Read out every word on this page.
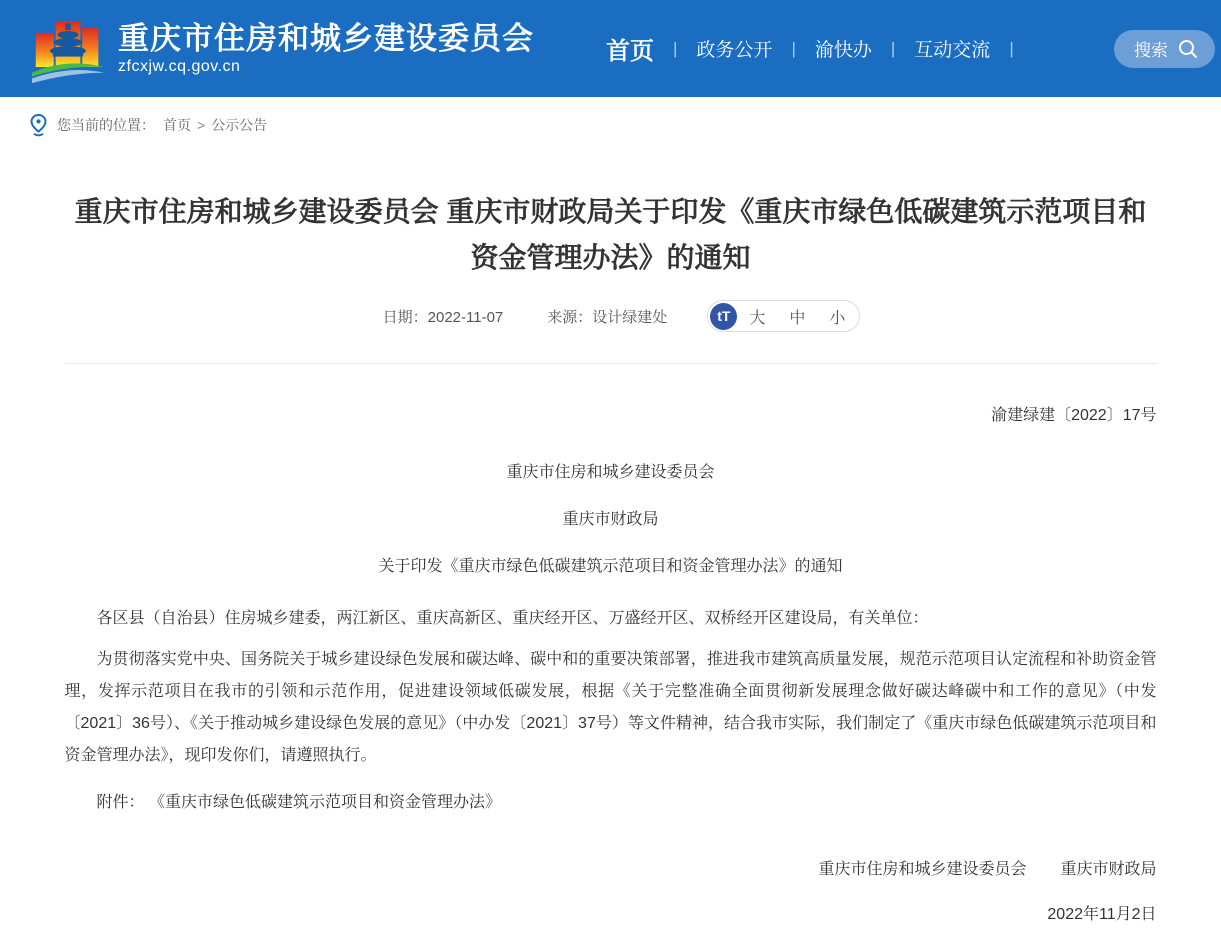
重庆市住房和城乡建设委员会
zfcxjw.cq.gov.cn
首页 | 政务公开 | 渝快办 | 互动交流 |	搜索
您当前的位置： 首页 > 公示公告
重庆市住房和城乡建设委员会 重庆市财政局关于印发《重庆市绿色低碳建筑示范项目和资金管理办法》的通知
日期：2022-11-07	来源：设计绿建处	tT	大 中 小

渝建绿建〔2022〕17号

重庆市住房和城乡建设委员会

重庆市财政局

关于印发《重庆市绿色低碳建筑示范项目和资金管理办法》的通知

各区县（自治县）住房城乡建委，两江新区、重庆高新区、重庆经开区、万盛经开区、双桥经开区建设局，有关单位：

为贯彻落实党中央、国务院关于城乡建设绿色发展和碳达峰、碳中和的重要决策部署，推进我市建筑高质量发展，规范示范项目认定流程和补助资金管理，发挥示范项目在我市的引领和示范作用，促进建设领域低碳发展，根据《关于完整准确全面贯彻新发展理念做好碳达峰碳中和工作的意见》（中发〔2021〕36号）、《关于推动城乡建设绿色发展的意见》（中办发〔2021〕37号）等文件精神，结合我市实际，我们制定了《重庆市绿色低碳建筑示范项目和资金管理办法》，现印发你们，请遵照执行。

附件： 《重庆市绿色低碳建筑示范项目和资金管理办法》

重庆市住房和城乡建设委员会 重庆市财政局

2022年11月2日
